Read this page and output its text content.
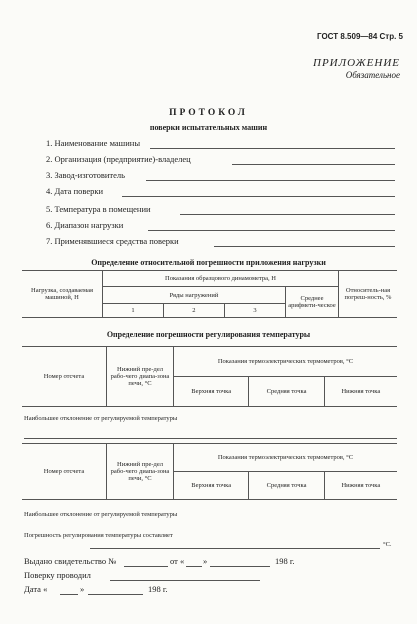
ГОСТ 8.509—84 Стр. 5
ПРИЛОЖЕНИЕ
Обязательное
ПРОТОКОЛ
поверки испытательных машин
1. Наименование машины
2. Организация (предприятие)-владелец
3. Завод-изготовитель
4. Дата поверки
5. Температура в помещении
6. Диапазон нагрузки
7. Применявшиеся средства поверки
Определение относительной погрешности приложения нагрузки
Нагрузка, создаваемая машиной, Н	Показания образцового динамометра, Н				Относитель-ная погреш-ность, %
	Ряды нагружений			Среднее арифмети-ческое	
	1	2	3		
Определение погрешности регулирования температуры
Номер отсчета	Нижний пре-дел рабо-чего диапа-зона печи, °С	Показания термоэлектрических термометров, °С		
		Верхняя точка	Средняя точка	Нижняя точка
Наибольшее отклонение от регулируемой температуры
Номер отсчета	Нижний пре-дел рабо-чего диапа-зона печи, °С	Показания термоэлектрических термометров, °С		
		Верхняя точка	Средняя точка	Нижняя точка
Наибольшее отклонение от регулируемой температуры
Погрешность регулирования температуры составляет
°С.
Выдано свидетельство №	от « »	198 г.
Поверку проводил
Дата «	»	198 г.
